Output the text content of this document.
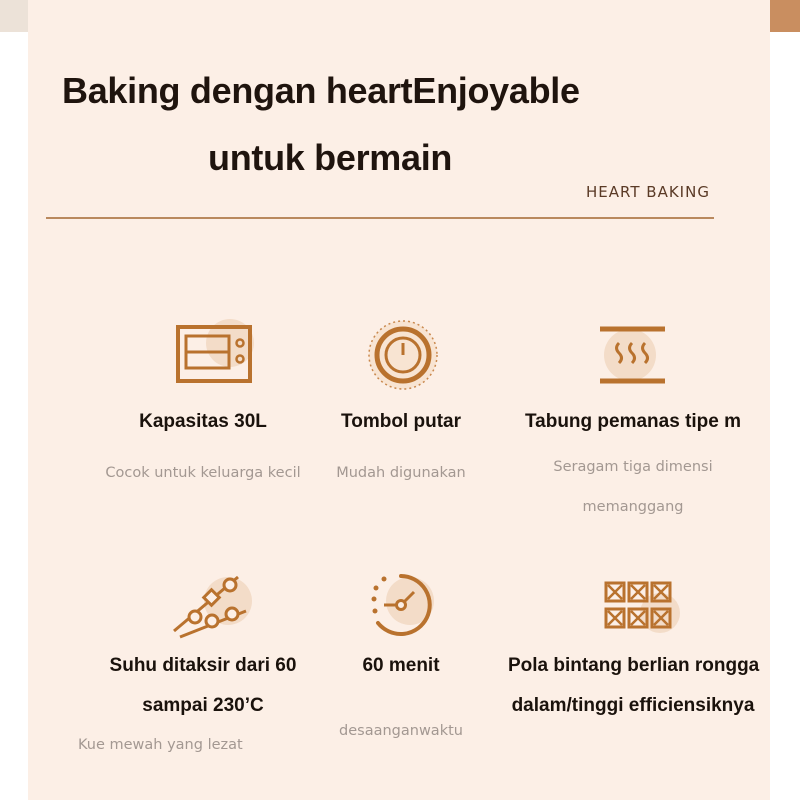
Baking dengan heartEnjoyable
untuk bermain
HEART BAKING
Kapasitas 30L
Cocok untuk keluarga kecil
Tombol putar
Mudah digunakan
Tabung pemanas tipe m
Seragam tiga dimensi
memanggang
Suhu ditaksir dari 60
sampai 230’C
Kue mewah yang lezat
60 menit
desaanganwaktu
Pola bintang berlian rongga
dalam/tinggi efficiensiknya
